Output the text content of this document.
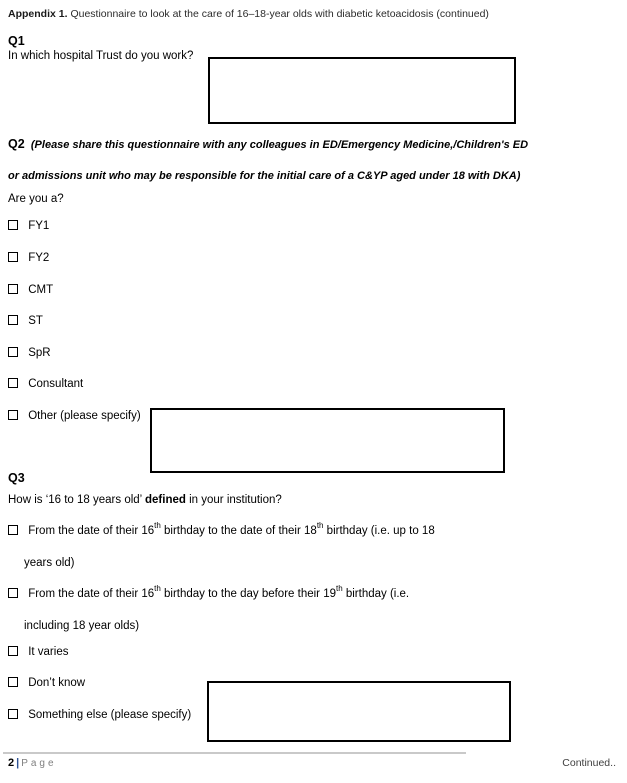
Appendix 1. Questionnaire to look at the care of 16–18-year olds with diabetic ketoacidosis (continued)
Q1
In which hospital Trust do you work?
Q2 (Please share this questionnaire with any colleagues in ED/Emergency Medicine,/Children's ED
or admissions unit who may be responsible for the initial care of a C&YP aged under 18 with DKA)
Are you a?
FY1
FY2
CMT
ST
SpR
Consultant
Other (please specify)
Q3
How is ‘16 to 18 years old’ defined in your institution?
From the date of their 16th birthday to the date of their 18th birthday (i.e. up to 18
years old)
From the date of their 16th birthday to the day before their 19th birthday (i.e.
including 18 year olds)
It varies
Don’t know
Something else (please specify)
2 | Page	Continued..
